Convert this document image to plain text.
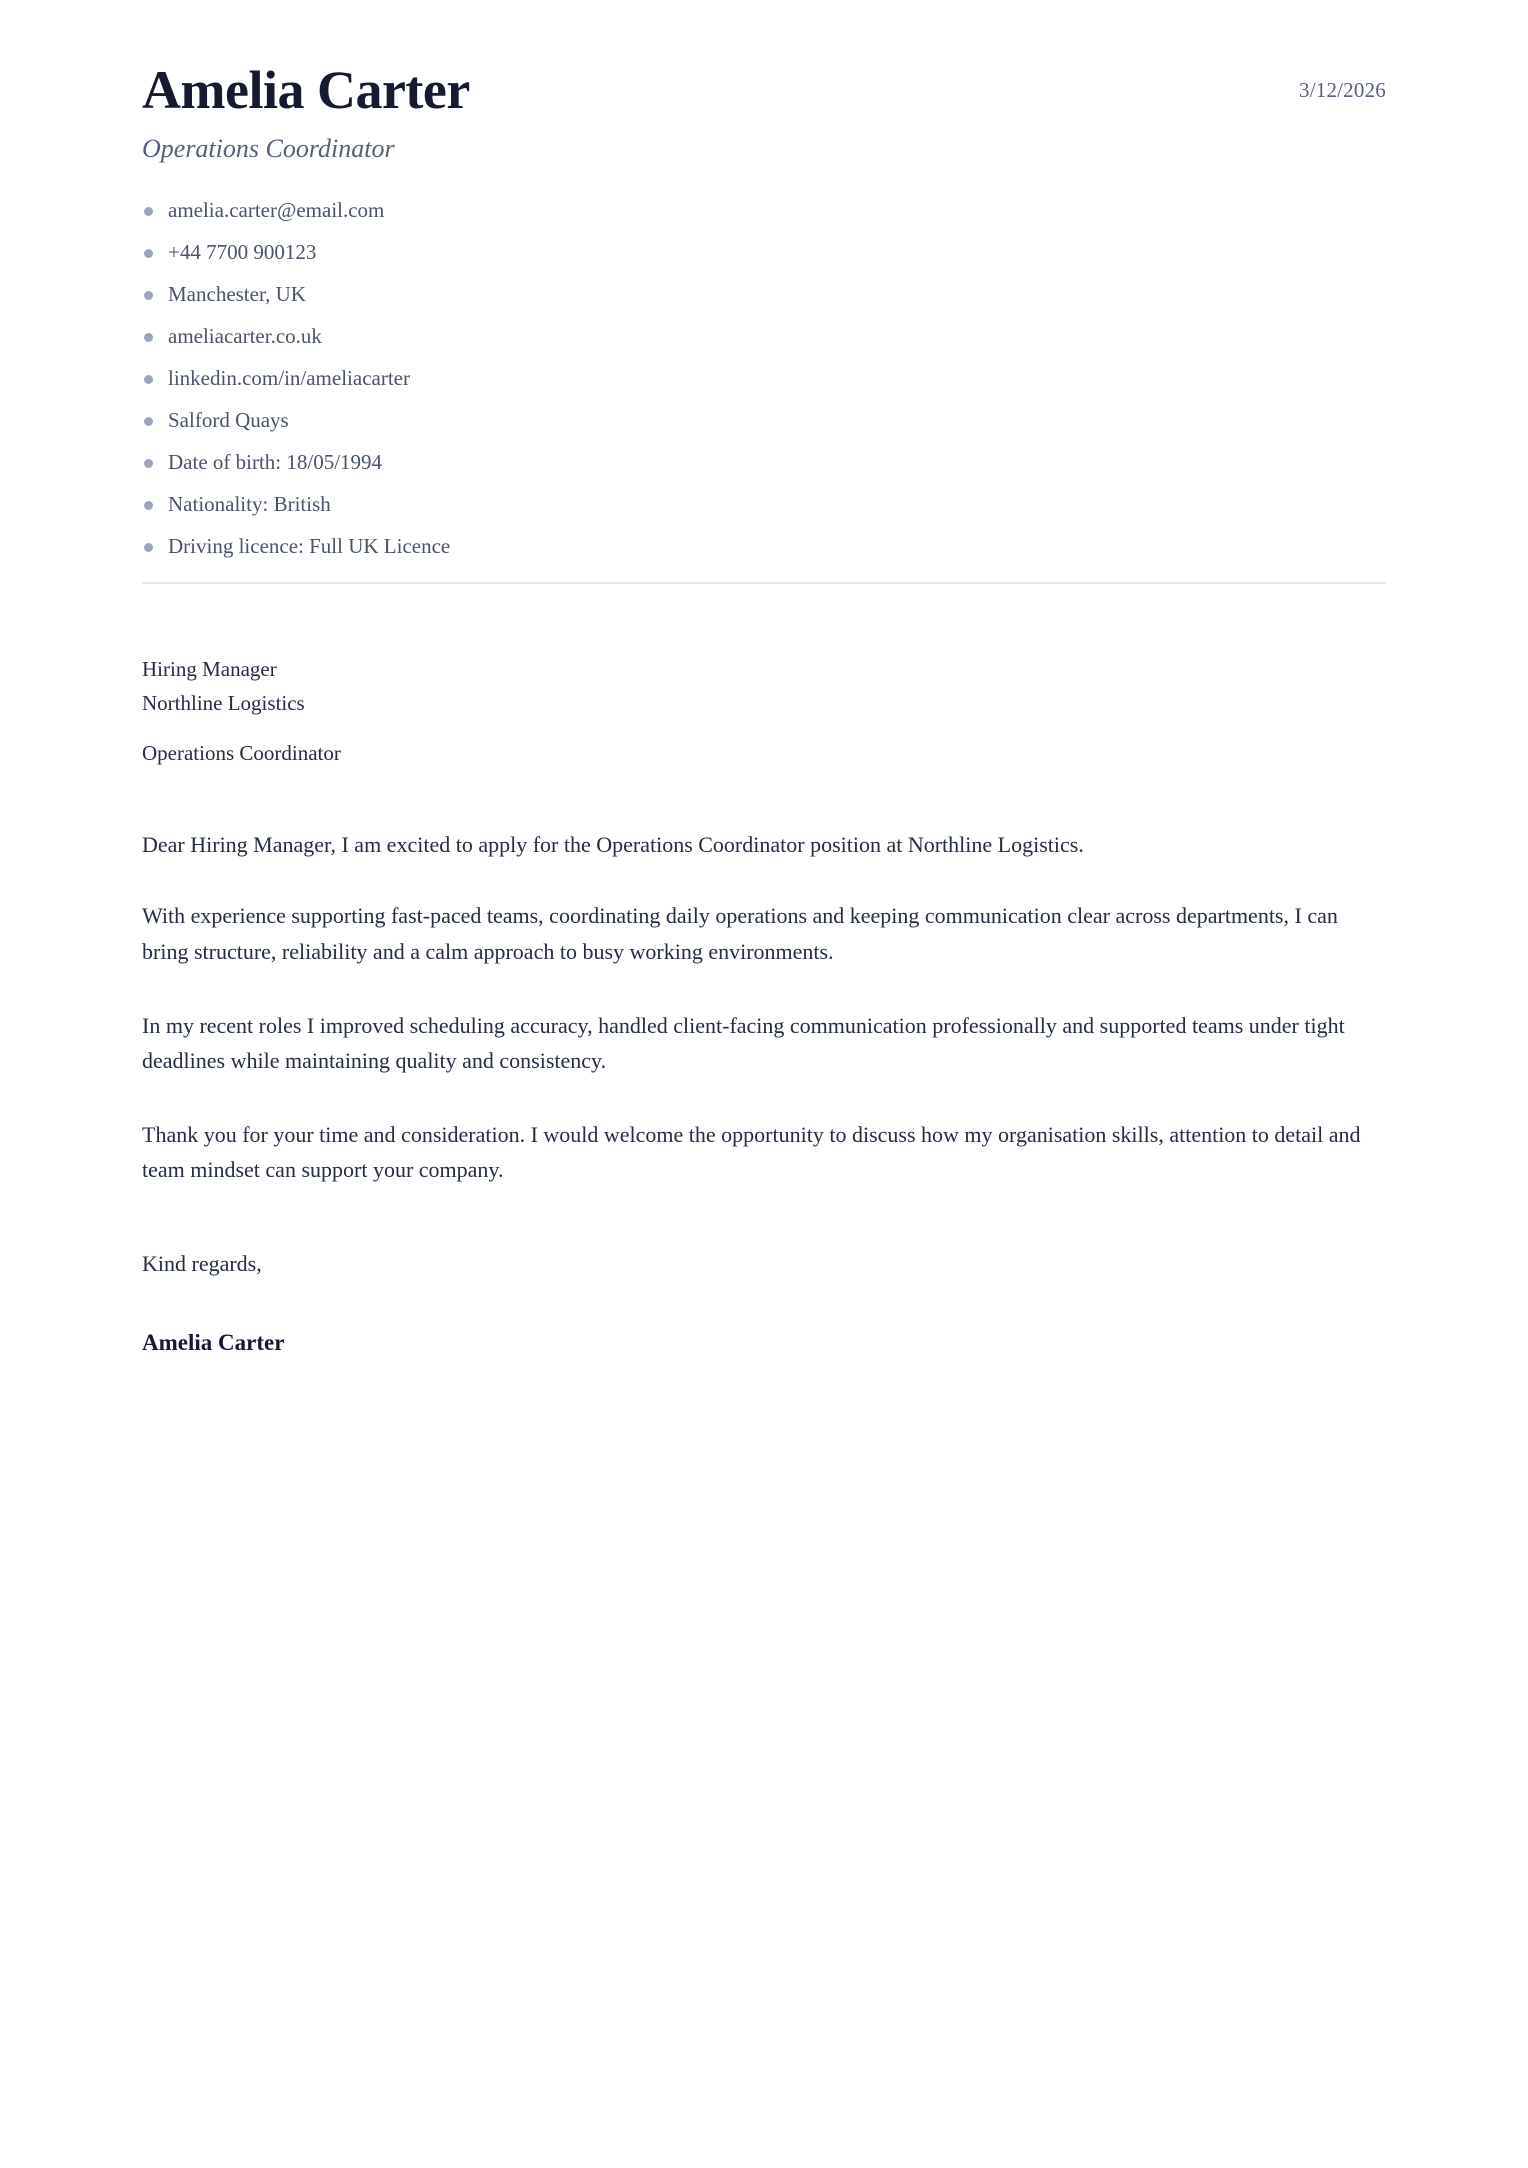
3/12/2026
Amelia Carter
Operations Coordinator
amelia.carter@email.com
+44 7700 900123
Manchester, UK
ameliacarter.co.uk
linkedin.com/in/ameliacarter
Salford Quays
Date of birth: 18/05/1994
Nationality: British
Driving licence: Full UK Licence

Hiring Manager

Northline Logistics

Operations Coordinator

Dear Hiring Manager, I am excited to apply for the Operations Coordinator position at Northline Logistics.

With experience supporting fast-paced teams, coordinating daily operations and keeping communication clear across departments, I can bring structure, reliability and a calm approach to busy working environments.

In my recent roles I improved scheduling accuracy, handled client-facing communication professionally and supported teams under tight deadlines while maintaining quality and consistency.

Thank you for your time and consideration. I would welcome the opportunity to discuss how my organisation skills, attention to detail and team mindset can support your company.

Kind regards,
Amelia Carter
